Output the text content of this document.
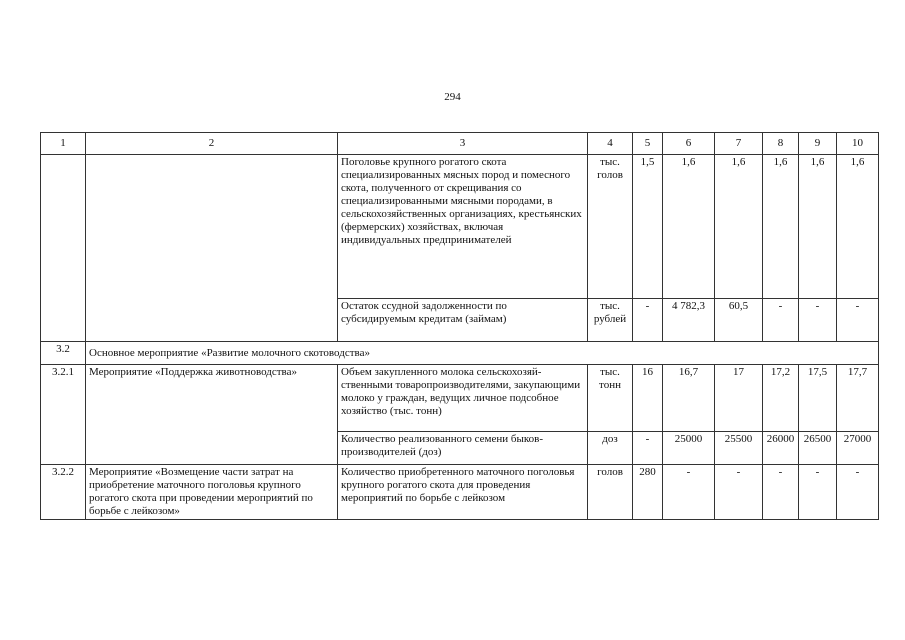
294
1	2	3	4	5	6	7	8	9	10
		Поголовье крупного рогатого скота специализированных мясных пород и помесного скота, полученного от скрещивания со специализированными мясными породами, в сельскохозяйственных организациях, крестьянских (фермерских) хозяйствах, включая индивидуальных предпринимателей	тыс. голов	1,5	1,6	1,6	1,6	1,6	1,6
		Остаток ссудной задолженности по субсидируемым кредитам (займам)	тыс. рублей	-	4 782,3	60,5	-	-	-
3.2	Основное мероприятие «Развитие молочного скотоводства»								
3.2.1	Мероприятие «Поддержка животноводства»	Объем закупленного молока сельскохозяй-ственными товаропроизводителями, закупающими молоко у граждан, ведущих личное подсобное хозяйство (тыс. тонн)	тыс. тонн	16	16,7	17	17,2	17,5	17,7
		Количество реализованного семени быков-производителей (доз)	доз	-	25000	25500	26000	26500	27000
3.2.2	Мероприятие «Возмещение части затрат на приобретение маточного поголовья крупного рогатого скота при проведении мероприятий по борьбе с лейкозом»	Количество приобретенного маточного поголовья крупного рогатого скота для проведения мероприятий по борьбе с лейкозом	голов	280	-	-	-	-	-
